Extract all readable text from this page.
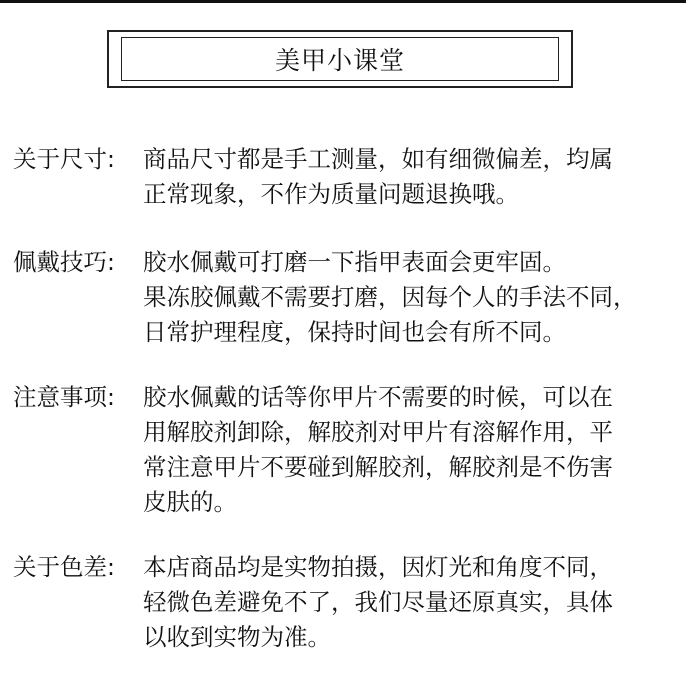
美甲小课堂
关于尺寸:	商品尺寸都是手工测量，如有细微偏差，均属
正常现象，不作为质量问题退换哦。
佩戴技巧:	胶水佩戴可打磨一下指甲表面会更牢固。
果冻胶佩戴不需要打磨，因每个人的手法不同，
日常护理程度，保持时间也会有所不同。
注意事项:	胶水佩戴的话等你甲片不需要的时候，可以在
用解胶剂卸除，解胶剂对甲片有溶解作用，平
常注意甲片不要碰到解胶剂，解胶剂是不伤害
皮肤的。
关于色差:	本店商品均是实物拍摄，因灯光和角度不同，
轻微色差避免不了，我们尽量还原真实，具体
以收到实物为准。
